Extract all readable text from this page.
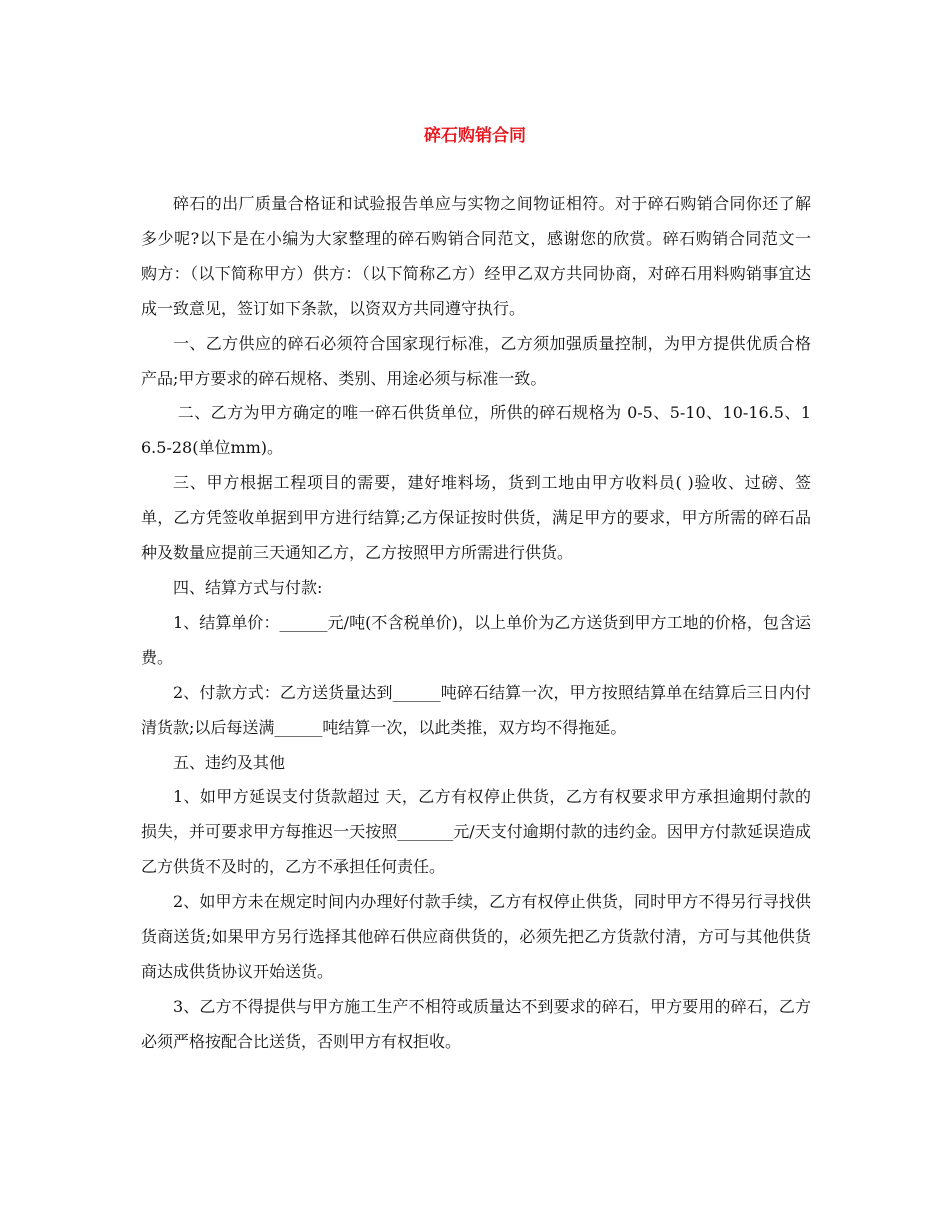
碎石购销合同

碎石的出厂质量合格证和试验报告单应与实物之间物证相符。对于碎石购销合同你还了解多少呢?以下是在小编为大家整理的碎石购销合同范文，感谢您的欣赏。碎石购销合同范文一　　购方：（以下简称甲方）供方：（以下简称乙方）经甲乙双方共同协商，对碎石用料购销事宜达成一致意见，签订如下条款，以资双方共同遵守执行。

一、乙方供应的碎石必须符合国家现行标准，乙方须加强质量控制，为甲方提供优质合格产品;甲方要求的碎石规格、类别、用途必须与标准一致。

二、乙方为甲方确定的唯一碎石供货单位，所供的碎石规格为 0-5、5-10、10-16.5、16.5-28(单位mm)。

三、甲方根据工程项目的需要，建好堆料场，货到工地由甲方收料员( )验收、过磅、签单，乙方凭签收单据到甲方进行结算;乙方保证按时供货，满足甲方的要求，甲方所需的碎石品种及数量应提前三天通知乙方，乙方按照甲方所需进行供货。

四、结算方式与付款:

1、结算单价：______元/吨(不含税单价)，以上单价为乙方送货到甲方工地的价格，包含运费。

2、付款方式：乙方送货量达到______吨碎石结算一次，甲方按照结算单在结算后三日内付清货款;以后每送满______吨结算一次，以此类推，双方均不得拖延。

五、违约及其他

1、如甲方延误支付货款超过 天，乙方有权停止供货，乙方有权要求甲方承担逾期付款的损失，并可要求甲方每推迟一天按照_______元/天支付逾期付款的违约金。因甲方付款延误造成乙方供货不及时的，乙方不承担任何责任。

2、如甲方未在规定时间内办理好付款手续，乙方有权停止供货，同时甲方不得另行寻找供货商送货;如果甲方另行选择其他碎石供应商供货的，必须先把乙方货款付清，方可与其他供货商达成供货协议开始送货。

3、乙方不得提供与甲方施工生产不相符或质量达不到要求的碎石，甲方要用的碎石，乙方必须严格按配合比送货，否则甲方有权拒收。
